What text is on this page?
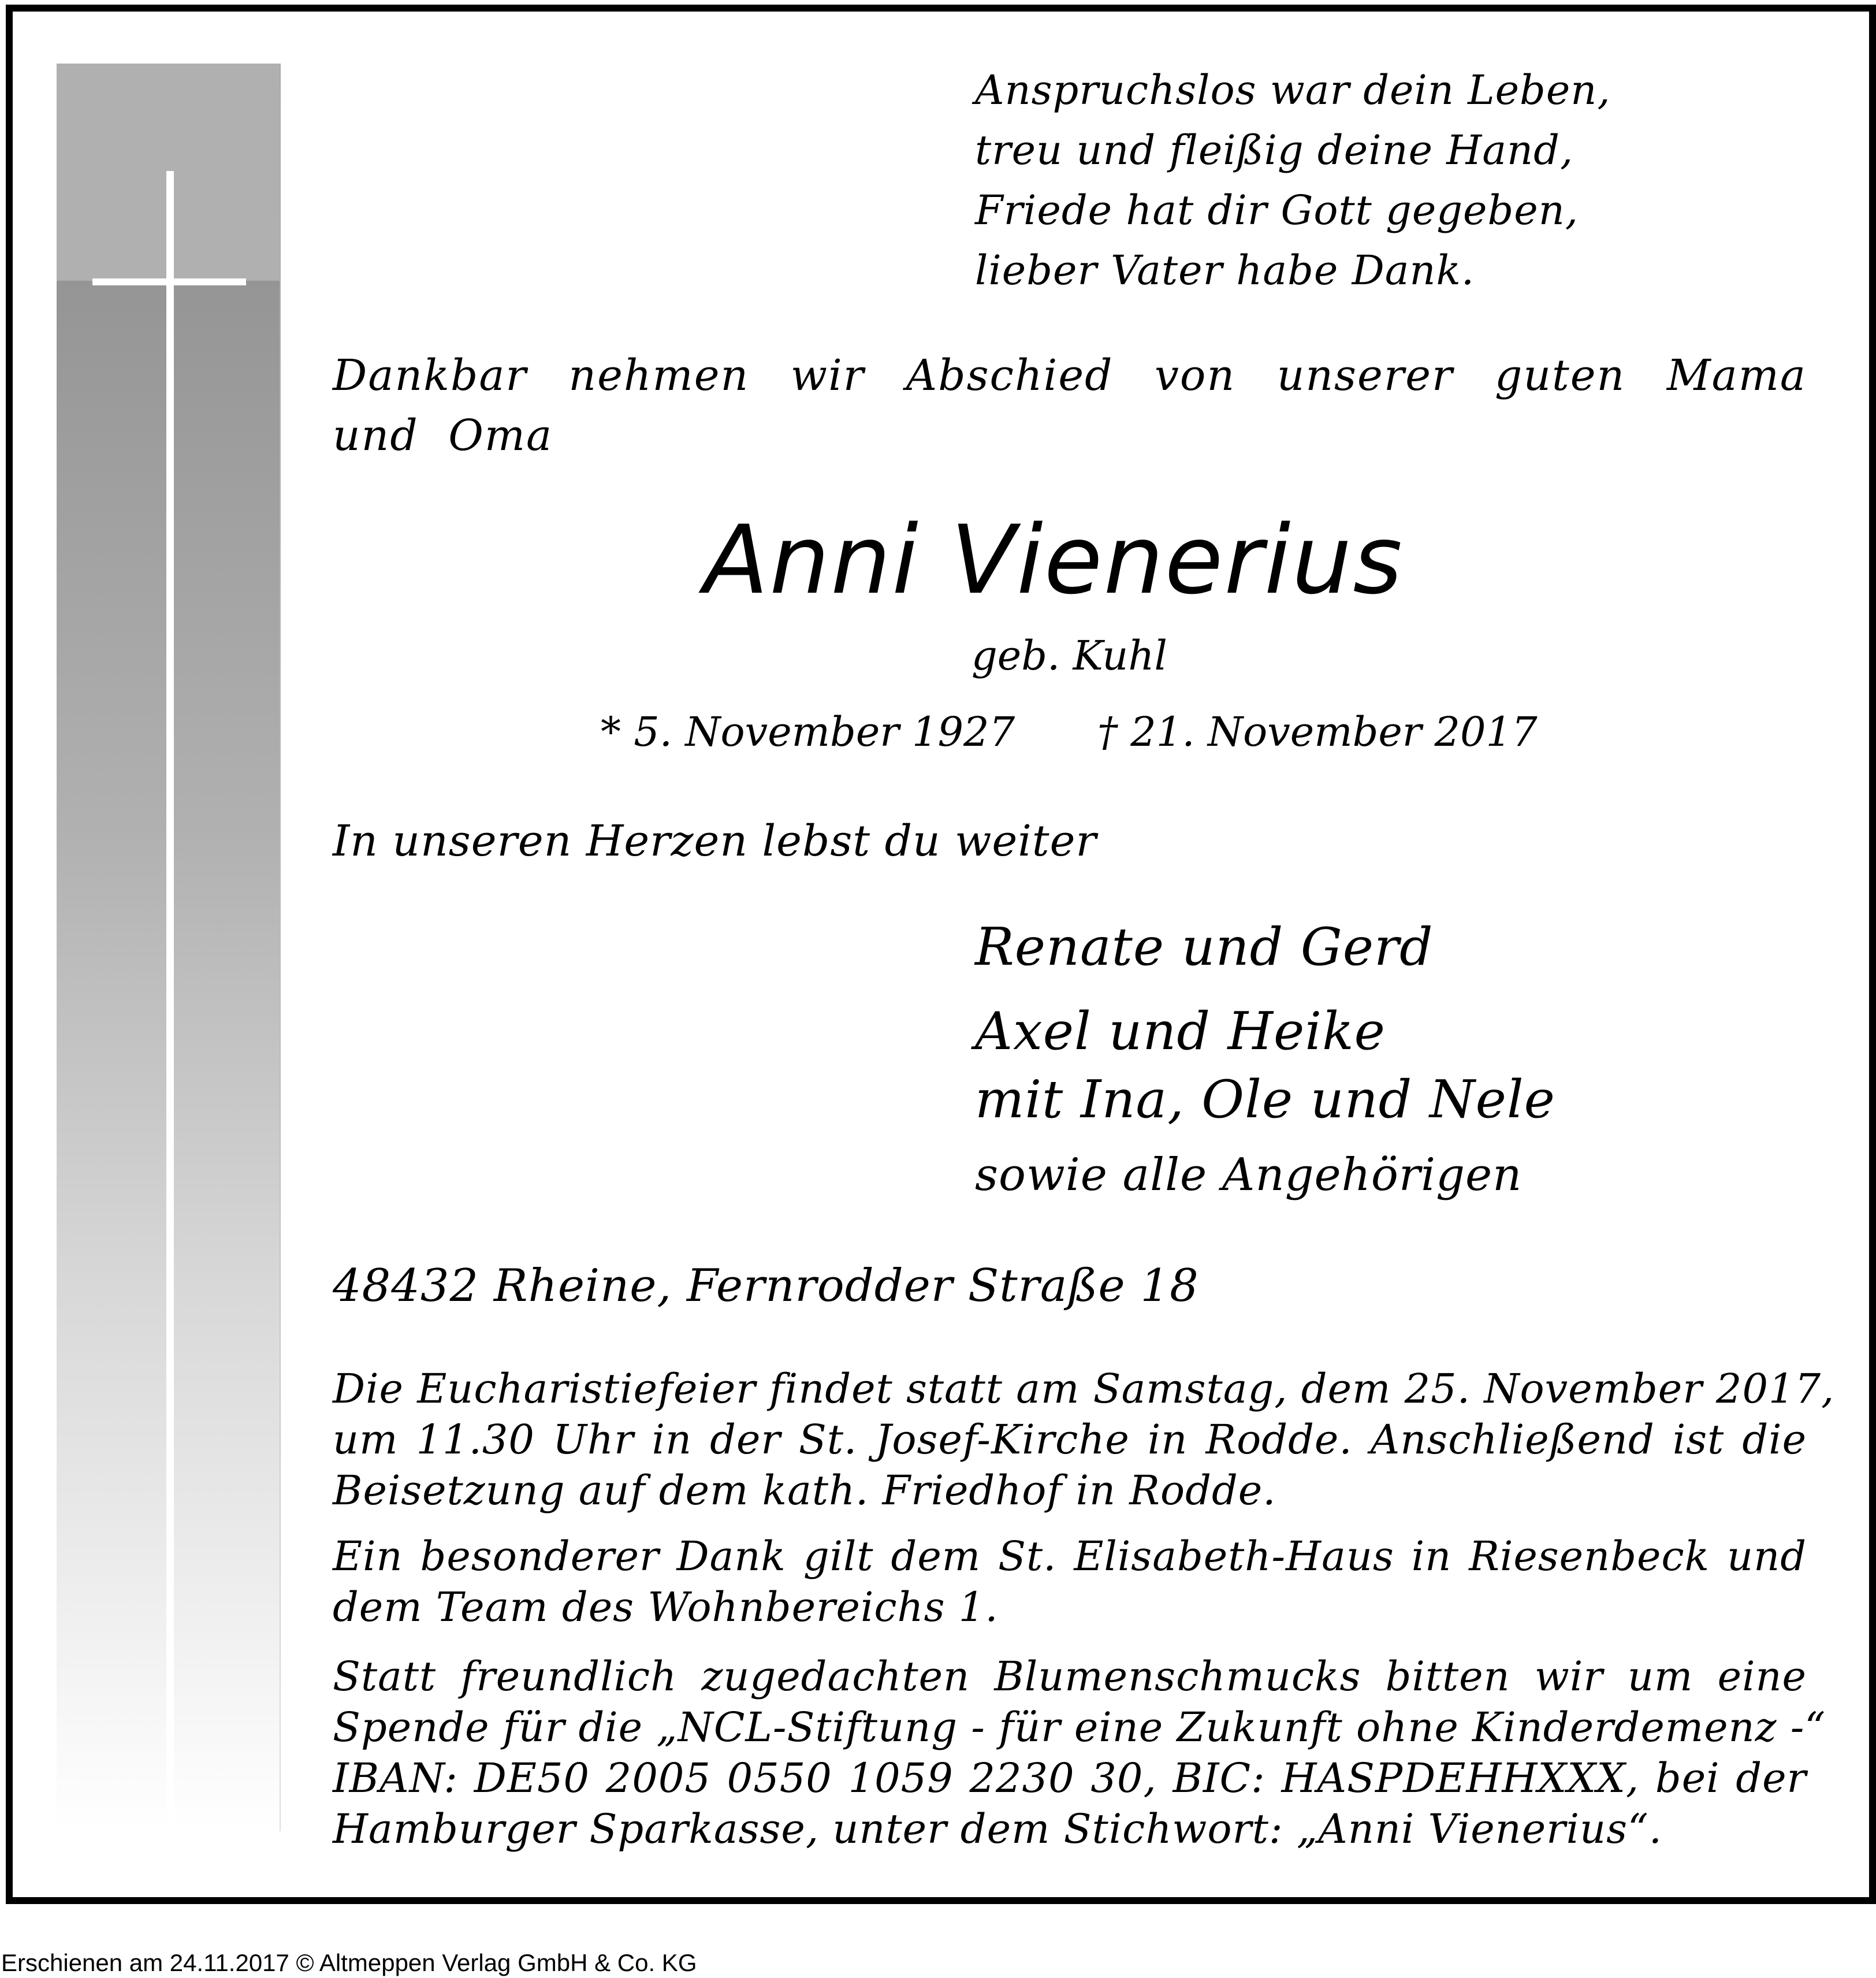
Anspruchslos war dein Leben,
treu und fleißig deine Hand,
Friede hat dir Gott gegeben,
lieber Vater habe Dank.
Dankbar nehmen wir Abschied von unserer guten Mama und Oma
Anni Vienerius
geb. Kuhl
* 5. November 1927 † 21. November 2017
In unseren Herzen lebst du weiter
Renate und Gerd
Axel und Heike
mit Ina, Ole und Nele
sowie alle Angehörigen
48432 Rheine, Fernrodder Straße 18
Die Eucharistiefeier findet statt am Samstag, dem 25. November 2017,
um 11.30 Uhr in der St. Josef-Kirche in Rodde. Anschließend ist die
Beisetzung auf dem kath. Friedhof in Rodde.
Ein besonderer Dank gilt dem St. Elisabeth-Haus in Riesenbeck und
dem Team des Wohnbereichs 1.
Statt freundlich zugedachten Blumenschmucks bitten wir um eine
Spende für die „NCL-Stiftung - für eine Zukunft ohne Kinderdemenz -“
IBAN: DE50 2005 0550 1059 2230 30, BIC: HASPDEHHXXX, bei der
Hamburger Sparkasse, unter dem Stichwort: „Anni Vienerius“.
Erschienen am 24.11.2017 © Altmeppen Verlag GmbH & Co. KG
